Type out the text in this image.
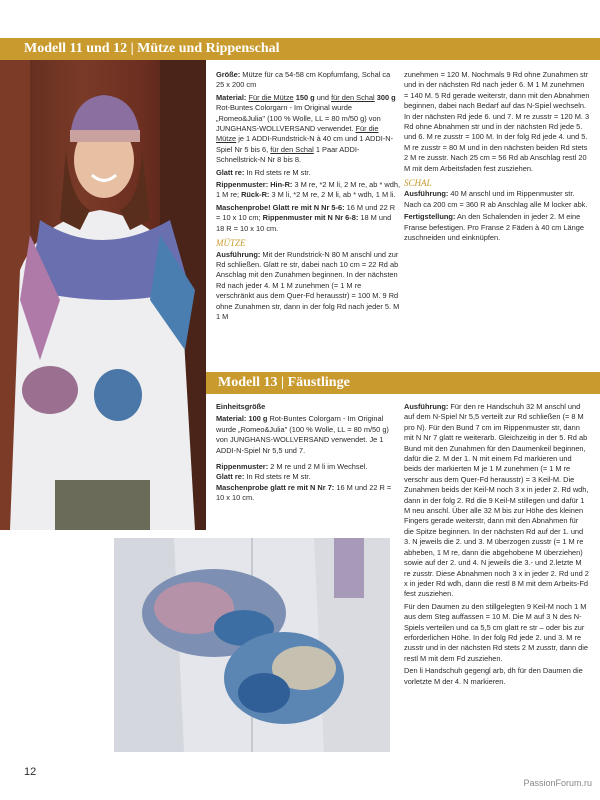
Modell 11 und 12 | Mütze und Rippenschal

Größe: Mütze für ca 54-58 cm Kopfumfang, Schal ca 25 x 200 cm

Material: Für die Mütze 150 g und für den Schal 300 g Rot-Buntes Colorgarn - Im Original wurde „Romeo&Julia" (100 % Wolle, LL = 80 m/50 g) von JUNGHANS-WOLLVERSAND verwendet. Für die Mütze je 1 ADDI-Rundstrick-N à 40 cm und 1 ADDI-N-Spiel Nr 5 bis 6, für den Schal 1 Paar ADDI-Schnellstrick-N Nr 8 bis 8.

Glatt re: In Rd stets re M str.

Rippenmuster: Hin-R: 3 M re, *2 M li, 2 M re, ab * wdh, 1 M re; Rück-R: 3 M li, *2 M re, 2 M li, ab * wdh, 1 M li.

Maschenprobe! Glatt re mit N Nr 5-6: 16 M und 22 R = 10 x 10 cm; Rippenmuster mit N Nr 6-8: 18 M und 18 R = 10 x 10 cm.

MÜTZE

Ausführung: Mit der Rundstrick-N 80 M anschl und zur Rd schließen. Glatt re str, dabei nach 10 cm = 22 Rd ab Anschlag mit den Zunahmen beginnen. In der nächsten Rd nach jeder 4. M 1 M zunehmen (= 1 M re verschränkt aus dem Quer-Fd herausstr) = 100 M. 9 Rd ohne Zunahmen str, dann in der folg Rd nach jeder 5. M 1 M

zunehmen = 120 M. Nochmals 9 Rd ohne Zunahmen str und in der nächsten Rd nach jeder 6. M 1 M zunehmen = 140 M. 5 Rd gerade weiterstr, dann mit den Abnahmen beginnen, dabei nach Bedarf auf das N-Spiel wechseln. In der nächsten Rd jede 6. und 7. M re zusstr = 120 M. 3 Rd ohne Abnahmen str und in der nächsten Rd jede 5. und 6. M re zusstr = 100 M. In der folg Rd jede 4. und 5. M re zusstr = 80 M und in den nächsten beiden Rd stets 2 M re zusstr. Nach 25 cm = 56 Rd ab Anschlag restl 20 M mit dem Arbeitsfaden fest zusziehen.

SCHAL

Ausführung: 40 M anschl und im Rippenmuster str. Nach ca 200 cm = 360 R ab Anschlag alle M locker abk.

Fertigstellung: An den Schalenden in jeder 2. M eine Franse befestigen. Pro Franse 2 Fäden à 40 cm Länge zuschneiden und einknüpfen.

Modell 13 | Fäustlinge

Einheitsgröße

Material: 100 g Rot-Buntes Colorgarn - Im Original wurde „Romeo&Julia" (100 % Wolle, LL = 80 m/50 g) von JUNGHANS-WOLLVERSAND verwendet. Je 1 ADDI-N-Spiel Nr 5,5 und 7.

Rippenmuster: 2 M re und 2 M li im Wechsel.
Glatt re: In Rd stets re M str.
Maschenprobe glatt re mit N Nr 7: 16 M und 22 R = 10 x 10 cm.

Ausführung: Für den re Handschuh 32 M anschl und auf dem N-Spiel Nr 5,5 verteilt zur Rd schließen (= 8 M pro N). Für den Bund 7 cm im Rippenmuster str, dann mit N Nr 7 glatt re weiterarb. Gleichzeitig in der 5. Rd ab Bund mit den Zunahmen für den Daumenkeil beginnen, dafür die 2. M der 1. N mit einem Fd markieren und beids der markierten M je 1 M zunehmen (= 1 M re verschr aus dem Quer-Fd herausstr) = 3 Keil-M. Die Zunahmen beids der Keil-M noch 3 x in jeder 2. Rd wdh, dann in der folg 2. Rd die 9 Keil-M stillegen und dafür 1 M neu anschl. Über alle 32 M bis zur Höhe des kleinen Fingers gerade weiterstr, dann mit den Abnahmen für die Spitze beginnen. In der nächsten Rd auf der 1. und 3. N jeweils die 2. und 3. M überzogen zusstr (= 1 M re abheben, 1 M re, dann die abgehobene M überziehen) sowie auf der 2. und 4. N jeweils die 3.- und 2.letzte M re zusstr. Diese Abnahmen noch 3 x in jeder 2. Rd und 2 x in jeder Rd wdh, dann die restl 8 M mit dem Arbeits-Fd fest zusziehen.

Für den Daumen zu den stillgelegten 9 Keil-M noch 1 M aus dem Steg auffassen = 10 M. Die M auf 3 N des N-Spiels verteilen und ca 5,5 cm glatt re str – oder bis zur erforderlichen Höhe. In der folg Rd jede 2. und 3. M re zusstr und in der nächsten Rd stets 2 M zusstr, dann die restl M mit dem Fd zusziehen.

Den li Handschuh gegengl arb, dh für den Daumen die vorletzte M der 4. N markieren.

12
PassionForum.ru
